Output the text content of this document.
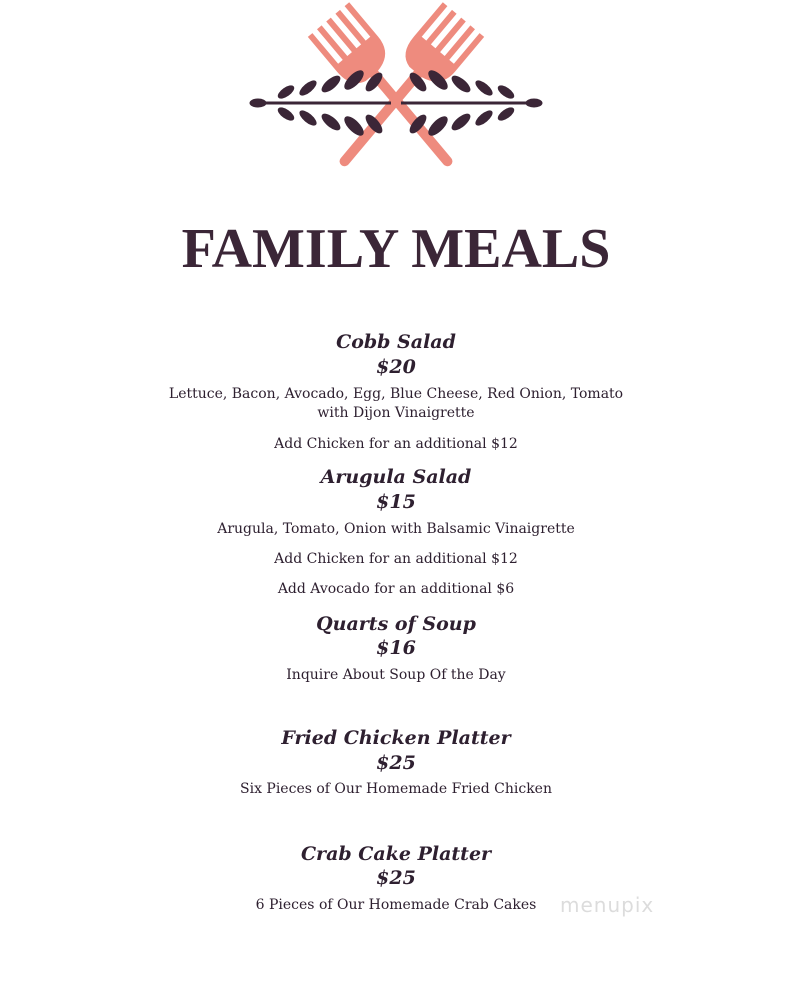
FAMILY MEALS
Cobb Salad
$20
Lettuce, Bacon, Avocado, Egg, Blue Cheese, Red Onion, Tomato
with Dijon Vinaigrette
Add Chicken for an additional $12
Arugula Salad
$15
Arugula, Tomato, Onion with Balsamic Vinaigrette
Add Chicken for an additional $12
Add Avocado for an additional $6
Quarts of Soup
$16
Inquire About Soup Of the Day
Fried Chicken Platter
$25
Six Pieces of Our Homemade Fried Chicken
Crab Cake Platter
$25
6 Pieces of Our Homemade Crab Cakes	menupix
